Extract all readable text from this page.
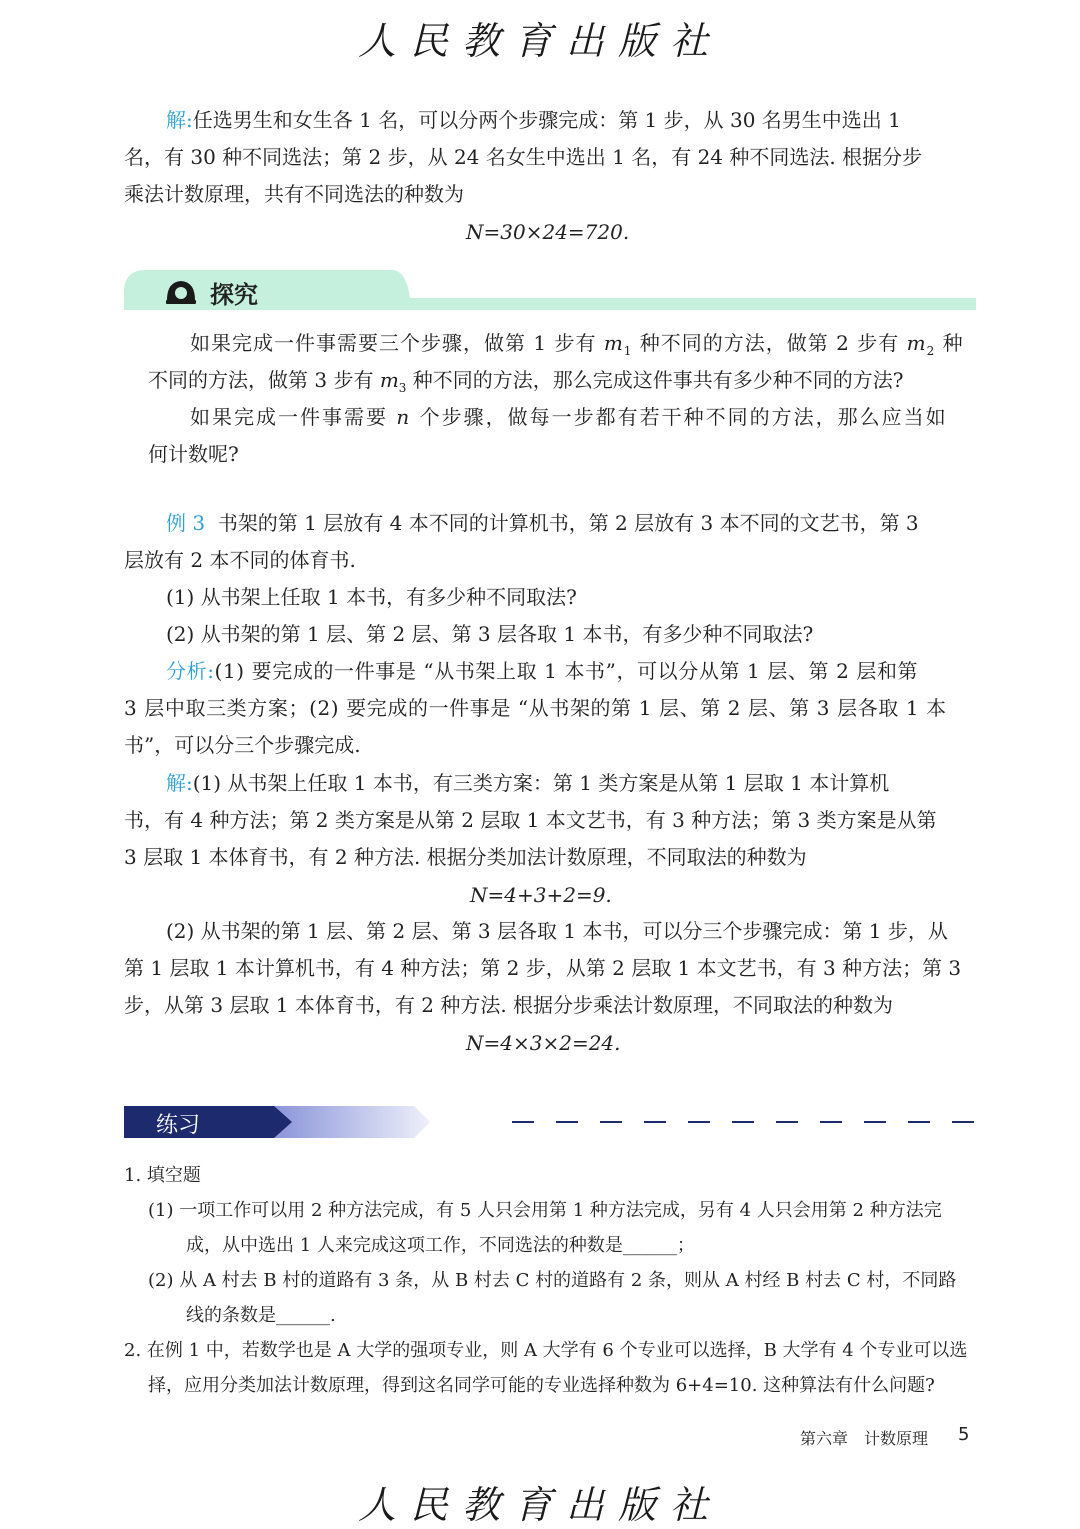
人民教育出版社
解:任选男生和女生各 1 名，可以分两个步骤完成：第 1 步，从 30 名男生中选出 1
名，有 30 种不同选法；第 2 步，从 24 名女生中选出 1 名，有 24 种不同选法. 根据分步
乘法计数原理，共有不同选法的种数为
N=30×24=720.
探究
如果完成一件事需要三个步骤，做第 1 步有 $m_1$ 种不同的方法，做第 2 步有 $m_2$ 种
不同的方法，做第 3 步有 $m_3$ 种不同的方法，那么完成这件事共有多少种不同的方法?
如果完成一件事需要 n 个步骤，做每一步都有若干种不同的方法，那么应当如
何计数呢?
例 3 书架的第 1 层放有 4 本不同的计算机书，第 2 层放有 3 本不同的文艺书，第 3
层放有 2 本不同的体育书.
(1) 从书架上任取 1 本书，有多少种不同取法?
(2) 从书架的第 1 层、第 2 层、第 3 层各取 1 本书，有多少种不同取法?
分析:(1) 要完成的一件事是 “从书架上取 1 本书”，可以分从第 1 层、第 2 层和第
3 层中取三类方案；(2) 要完成的一件事是 “从书架的第 1 层、第 2 层、第 3 层各取 1 本
书”，可以分三个步骤完成.
解:(1) 从书架上任取 1 本书，有三类方案：第 1 类方案是从第 1 层取 1 本计算机
书，有 4 种方法；第 2 类方案是从第 2 层取 1 本文艺书，有 3 种方法；第 3 类方案是从第
3 层取 1 本体育书，有 2 种方法. 根据分类加法计数原理，不同取法的种数为
N=4+3+2=9.
(2) 从书架的第 1 层、第 2 层、第 3 层各取 1 本书，可以分三个步骤完成：第 1 步，从
第 1 层取 1 本计算机书，有 4 种方法；第 2 步，从第 2 层取 1 本文艺书，有 3 种方法；第 3
步，从第 3 层取 1 本体育书，有 2 种方法. 根据分步乘法计数原理，不同取法的种数为
N=4×3×2=24.
练习
1. 填空题
(1) 一项工作可以用 2 种方法完成，有 5 人只会用第 1 种方法完成，另有 4 人只会用第 2 种方法完
成，从中选出 1 人来完成这项工作，不同选法的种数是______；
(2) 从 A 村去 B 村的道路有 3 条，从 B 村去 C 村的道路有 2 条，则从 A 村经 B 村去 C 村，不同路
线的条数是______.
2. 在例 1 中，若数学也是 A 大学的强项专业，则 A 大学有 6 个专业可以选择，B 大学有 4 个专业可以选
择，应用分类加法计数原理，得到这名同学可能的专业选择种数为 6+4=10. 这种算法有什么问题?
第六章　计数原理 5
人民教育出版社
